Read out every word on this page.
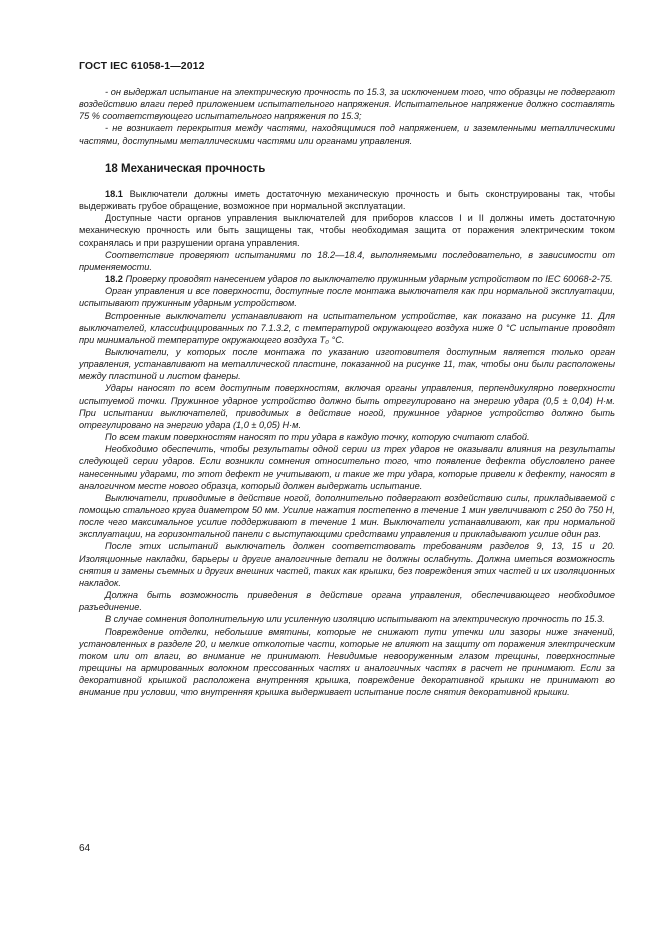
ГОСТ IEC 61058-1—2012

- он выдержал испытание на электрическую прочность по 15.3, за исключением того, что образцы не подвергают воздействию влаги перед приложением испытательного напряжения. Испытательное напряжение должно составлять 75 % соответствующего испытательного напряжения по 15.3;

- не возникает перекрытия между частями, находящимися под напряжением, и заземленными металлическими частями, доступными металлическими частями или органами управления.

18 Механическая прочность

18.1 Выключатели должны иметь достаточную механическую прочность и быть сконструированы так, чтобы выдерживать грубое обращение, возможное при нормальной эксплуатации.

Доступные части органов управления выключателей для приборов классов I и II должны иметь достаточную механическую прочность или быть защищены так, чтобы необходимая защита от поражения электрическим током сохранялась и при разрушении органа управления.

Соответствие проверяют испытаниями по 18.2—18.4, выполняемыми последовательно, в зависимости от применяемости.

18.2 Проверку проводят нанесением ударов по выключателю пружинным ударным устройством по IEC 60068-2-75.

Орган управления и все поверхности, доступные после монтажа выключателя как при нормальной эксплуатации, испытывают пружинным ударным устройством.

Встроенные выключатели устанавливают на испытательном устройстве, как показано на рисунке 11. Для выключателей, классифицированных по 7.1.3.2, с температурой окружающего воздуха ниже 0 °C испытание проводят при минимальной температуре окружающего воздуха T₀ °C.

Выключатели, у которых после монтажа по указанию изготовителя доступным является только орган управления, устанавливают на металлической пластине, показанной на рисунке 11, так, чтобы они были расположены между пластиной и листом фанеры.

Удары наносят по всем доступным поверхностям, включая органы управления, перпендикулярно поверхности испытуемой точки. Пружинное ударное устройство должно быть отрегулировано на энергию удара (0,5 ± 0,04) Н·м. При испытании выключателей, приводимых в действие ногой, пружинное ударное устройство должно быть отрегулировано на энергию удара (1,0 ± 0,05) Н·м.

По всем таким поверхностям наносят по три удара в каждую точку, которую считают слабой.

Необходимо обеспечить, чтобы результаты одной серии из трех ударов не оказывали влияния на результаты следующей серии ударов. Если возникли сомнения относительно того, что появление дефекта обусловлено ранее нанесенными ударами, то этот дефект не учитывают, и такие же три удара, которые привели к дефекту, наносят в аналогичном месте нового образца, который должен выдержать испытание.

Выключатели, приводимые в действие ногой, дополнительно подвергают воздействию силы, прикладываемой с помощью стального круга диаметром 50 мм. Усилие нажатия постепенно в течение 1 мин увеличивают с 250 до 750 Н, после чего максимальное усилие поддерживают в течение 1 мин. Выключатели устанавливают, как при нормальной эксплуатации, на горизонтальной панели с выступающими средствами управления и прикладывают усилие один раз.

После этих испытаний выключатель должен соответствовать требованиям разделов 9, 13, 15 и 20. Изоляционные накладки, барьеры и другие аналогичные детали не должны ослабнуть. Должна иметься возможность снятия и замены съемных и других внешних частей, таких как крышки, без повреждения этих частей и их изоляционных накладок.

Должна быть возможность приведения в действие органа управления, обеспечивающего необходимое разъединение.

В случае сомнения дополнительную или усиленную изоляцию испытывают на электрическую прочность по 15.3.

Повреждение отделки, небольшие вмятины, которые не снижают пути утечки или зазоры ниже значений, установленных в разделе 20, и мелкие отколотые части, которые не влияют на защиту от поражения электрическим током или от влаги, во внимание не принимают. Невидимые невооруженным глазом трещины, поверхностные трещины на армированных волокном прессованных частях и аналогичных частях в расчет не принимают. Если за декоративной крышкой расположена внутренняя крышка, повреждение декоративной крышки не принимают во внимание при условии, что внутренняя крышка выдерживает испытание после снятия декоративной крышки.

64
